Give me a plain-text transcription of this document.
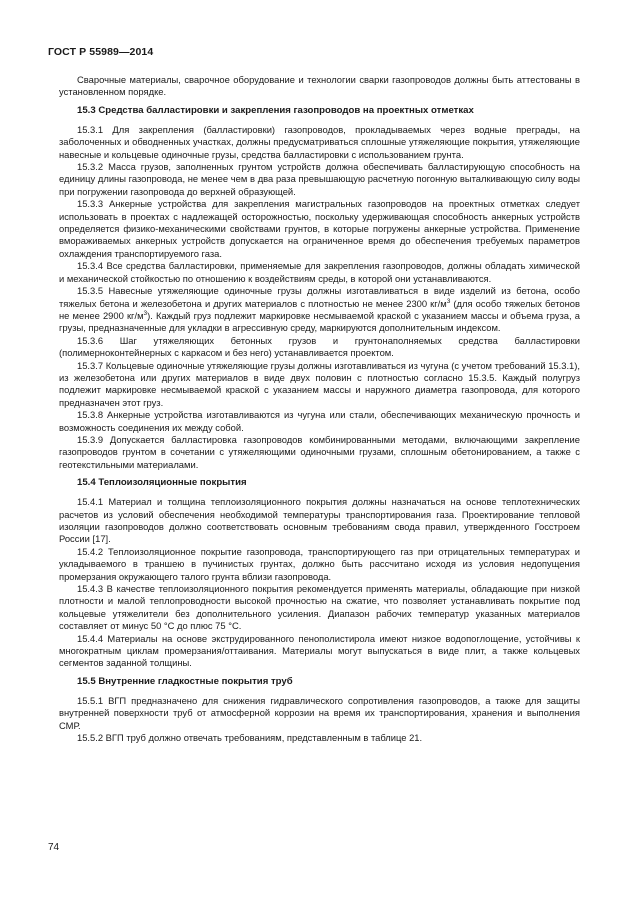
ГОСТ Р 55989—2014

Сварочные материалы, сварочное оборудование и технологии сварки газопроводов должны быть аттестованы в установленном порядке.

15.3 Средства балластировки и закрепления газопроводов на проектных отметках

15.3.1 Для закрепления (балластировки) газопроводов, прокладываемых через водные преграды, на заболоченных и обводненных участках, должны предусматриваться сплошные утяжеляющие покрытия, утяжеляющие навесные и кольцевые одиночные грузы, средства балластировки с использованием грунта.

15.3.2 Масса грузов, заполненных грунтом устройств должна обеспечивать балластирующую способность на единицу длины газопровода, не менее чем в два раза превышающую расчетную погонную выталкивающую силу воды при погружении газопровода до верхней образующей.

15.3.3 Анкерные устройства для закрепления магистральных газопроводов на проектных отметках следует использовать в проектах с надлежащей осторожностью, поскольку удерживающая способность анкерных устройств определяется физико-механическими свойствами грунтов, в которые погружены анкерные устройства. Применение вмораживаемых анкерных устройств допускается на ограниченное время до обеспечения требуемых параметров охлаждения транспортируемого газа.

15.3.4 Все средства балластировки, применяемые для закрепления газопроводов, должны обладать химической и механической стойкостью по отношению к воздействиям среды, в которой они устанавливаются.

15.3.5 Навесные утяжеляющие одиночные грузы должны изготавливаться в виде изделий из бетона, особо тяжелых бетона и железобетона и других материалов с плотностью не менее 2300 $кг/м^3$ (для особо тяжелых бетонов не менее 2900 $кг/м^3$). Каждый груз подлежит маркировке несмываемой краской с указанием массы и объема груза, а грузы, предназначенные для укладки в агрессивную среду, маркируются дополнительным индексом.

15.3.6 Шаг утяжеляющих бетонных грузов и грунтонаполняемых средства балластировки (полимерноконтейнерных с каркасом и без него) устанавливается проектом.

15.3.7 Кольцевые одиночные утяжеляющие грузы должны изготавливаться из чугуна (с учетом требований 15.3.1), из железобетона или других материалов в виде двух половин с плотностью согласно 15.3.5. Каждый полугруз подлежит маркировке несмываемой краской с указанием массы и наружного диаметра газопровода, для которого предназначен этот груз.

15.3.8 Анкерные устройства изготавливаются из чугуна или стали, обеспечивающих механическую прочность и возможность соединения их между собой.

15.3.9 Допускается балластировка газопроводов комбинированными методами, включающими закрепление газопроводов грунтом в сочетании с утяжеляющими одиночными грузами, сплошным обетонированием, а также с геотекстильными материалами.

15.4 Теплоизоляционные покрытия

15.4.1 Материал и толщина теплоизоляционного покрытия должны назначаться на основе теплотехнических расчетов из условий обеспечения необходимой температуры транспортирования газа. Проектирование тепловой изоляции газопроводов должно соответствовать основным требованиям свода правил, утвержденного Госстроем России [17].

15.4.2 Теплоизоляционное покрытие газопровода, транспортирующего газ при отрицательных температурах и укладываемого в траншею в пучинистых грунтах, должно быть рассчитано исходя из условия недопущения промерзания окружающего талого грунта вблизи газопровода.

15.4.3 В качестве теплоизоляционного покрытия рекомендуется применять материалы, обладающие при низкой плотности и малой теплопроводности высокой прочностью на сжатие, что позволяет устанавливать покрытие под кольцевые утяжелители без дополнительного усиления. Диапазон рабочих температур указанных материалов составляет от минус 50 °С до плюс 75 °С.

15.4.4 Материалы на основе экструдированного пенополистирола имеют низкое водопоглощение, устойчивы к многократным циклам промерзания/оттаивания. Материалы могут выпускаться в виде плит, а также кольцевых сегментов заданной толщины.

15.5 Внутренние гладкостные покрытия труб

15.5.1 ВГП предназначено для снижения гидравлического сопротивления газопроводов, а также для защиты внутренней поверхности труб от атмосферной коррозии на время их транспортирования, хранения и выполнения СМР.

15.5.2 ВГП труб должно отвечать требованиям, представленным в таблице 21.

74
